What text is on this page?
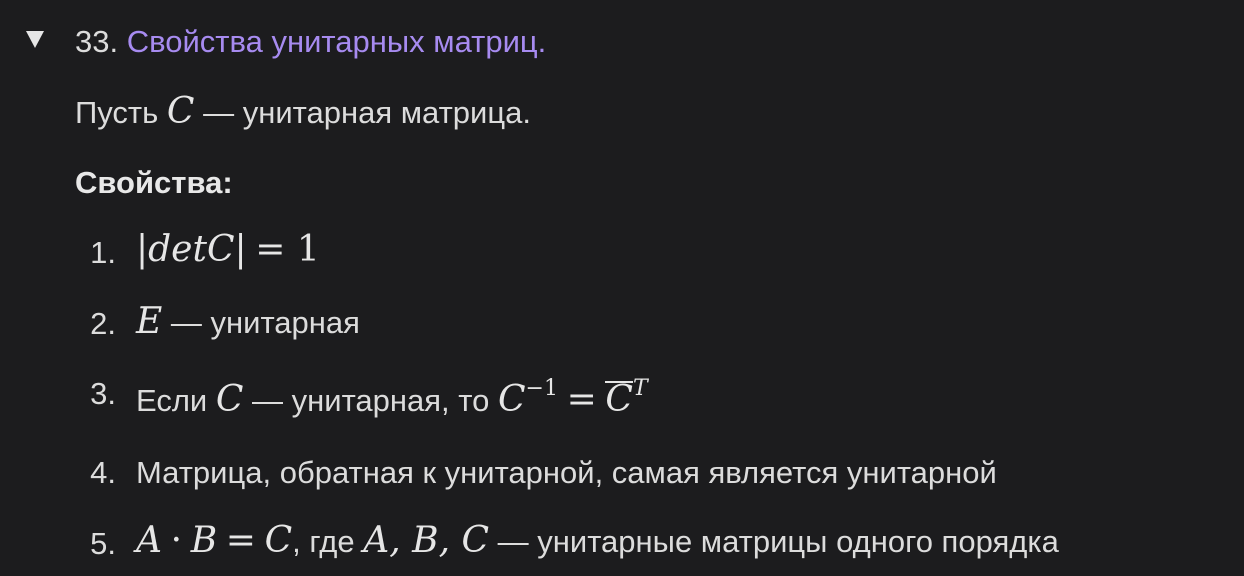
33. Свойства унитарных матриц.
Пусть C — унитарная матрица.
Свойства:
1. |detC| = 1
2. E — унитарная
3. Если C — унитарная, то $C^{-1} = C^T$
4. Матрица, обратная к унитарной, самая является унитарной
5. A · B = C, где A, B, C — унитарные матрицы одного порядка
